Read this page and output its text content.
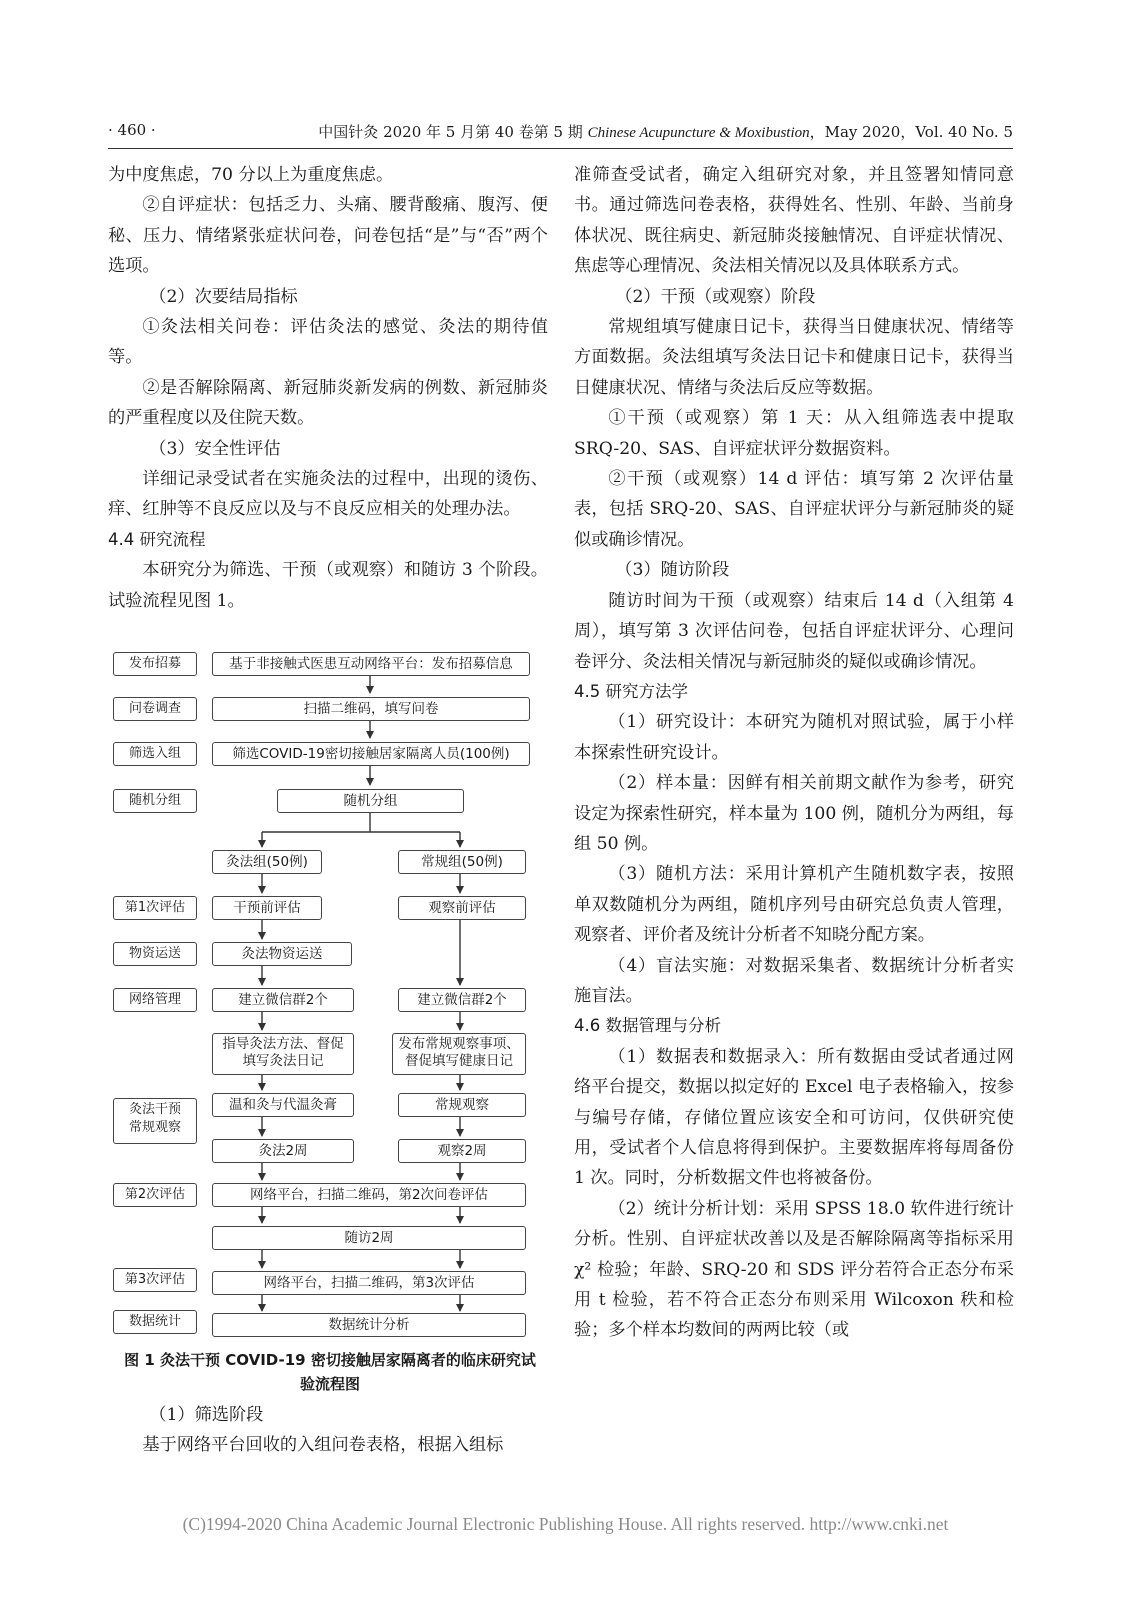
· 460 ·	中国针灸 2020 年 5 月第 40 卷第 5 期 Chinese Acupuncture & Moxibustion，May 2020，Vol. 40 No. 5

为中度焦虑，70 分以上为重度焦虑。

②自评症状：包括乏力、头痛、腰背酸痛、腹泻、便秘、压力、情绪紧张症状问卷，问卷包括“是”与“否”两个选项。

（2）次要结局指标

①灸法相关问卷：评估灸法的感觉、灸法的期待值等。

②是否解除隔离、新冠肺炎新发病的例数、新冠肺炎的严重程度以及住院天数。

（3）安全性评估

详细记录受试者在实施灸法的过程中，出现的烫伤、痒、红肿等不良反应以及与不良反应相关的处理办法。

4.4 研究流程

本研究分为筛选、干预（或观察）和随访 3 个阶段。试验流程见图 1。

发布招募
问卷调查
筛选入组
随机分组
第1次评估
物资运送
网络管理
灸法干预
常规观察
第2次评估
第3次评估
数据统计
基于非接触式医患互动网络平台：发布招募信息
扫描二维码，填写问卷
筛选COVID-19密切接触居家隔离人员(100例)
随机分组
灸法组(50例)	常规组(50例)
干预前评估	观察前评估
灸法物资运送
建立微信群2个	建立微信群2个
指导灸法方法、督促
填写灸法日记
发布常规观察事项、
督促填写健康日记
温和灸与代温灸膏	常规观察
灸法2周	观察2周
网络平台，扫描二维码，第2次问卷评估
随访2周
网络平台，扫描二维码，第3次评估
数据统计分析
图 1 灸法干预 COVID-19 密切接触居家隔离者的临床研究试验流程图

（1）筛选阶段

基于网络平台回收的入组问卷表格，根据入组标

准筛查受试者，确定入组研究对象，并且签署知情同意书。通过筛选问卷表格，获得姓名、性别、年龄、当前身体状况、既往病史、新冠肺炎接触情况、自评症状情况、焦虑等心理情况、灸法相关情况以及具体联系方式。

（2）干预（或观察）阶段

常规组填写健康日记卡，获得当日健康状况、情绪等方面数据。灸法组填写灸法日记卡和健康日记卡，获得当日健康状况、情绪与灸法后反应等数据。

①干预（或观察）第 1 天：从入组筛选表中提取 SRQ-20、SAS、自评症状评分数据资料。

②干预（或观察）14 d 评估：填写第 2 次评估量表，包括 SRQ-20、SAS、自评症状评分与新冠肺炎的疑似或确诊情况。

（3）随访阶段

随访时间为干预（或观察）结束后 14 d（入组第 4 周），填写第 3 次评估问卷，包括自评症状评分、心理问卷评分、灸法相关情况与新冠肺炎的疑似或确诊情况。

4.5 研究方法学

（1）研究设计：本研究为随机对照试验，属于小样本探索性研究设计。

（2）样本量：因鲜有相关前期文献作为参考，研究设定为探索性研究，样本量为 100 例，随机分为两组，每组 50 例。

（3）随机方法：采用计算机产生随机数字表，按照单双数随机分为两组，随机序列号由研究总负责人管理，观察者、评价者及统计分析者不知晓分配方案。

（4）盲法实施：对数据采集者、数据统计分析者实施盲法。

4.6 数据管理与分析

（1）数据表和数据录入：所有数据由受试者通过网络平台提交，数据以拟定好的 Excel 电子表格输入，按参与编号存储，存储位置应该安全和可访问，仅供研究使用，受试者个人信息将得到保护。主要数据库将每周备份 1 次。同时，分析数据文件也将被备份。

（2）统计分析计划：采用 SPSS 18.0 软件进行统计分析。性别、自评症状改善以及是否解除隔离等指标采用 χ² 检验；年龄、SRQ-20 和 SDS 评分若符合正态分布采用 t 检验，若不符合正态分布则采用 Wilcoxon 秩和检验；多个样本均数间的两两比较（或

(C)1994-2020 China Academic Journal Electronic Publishing House. All rights reserved. http://www.cnki.net
